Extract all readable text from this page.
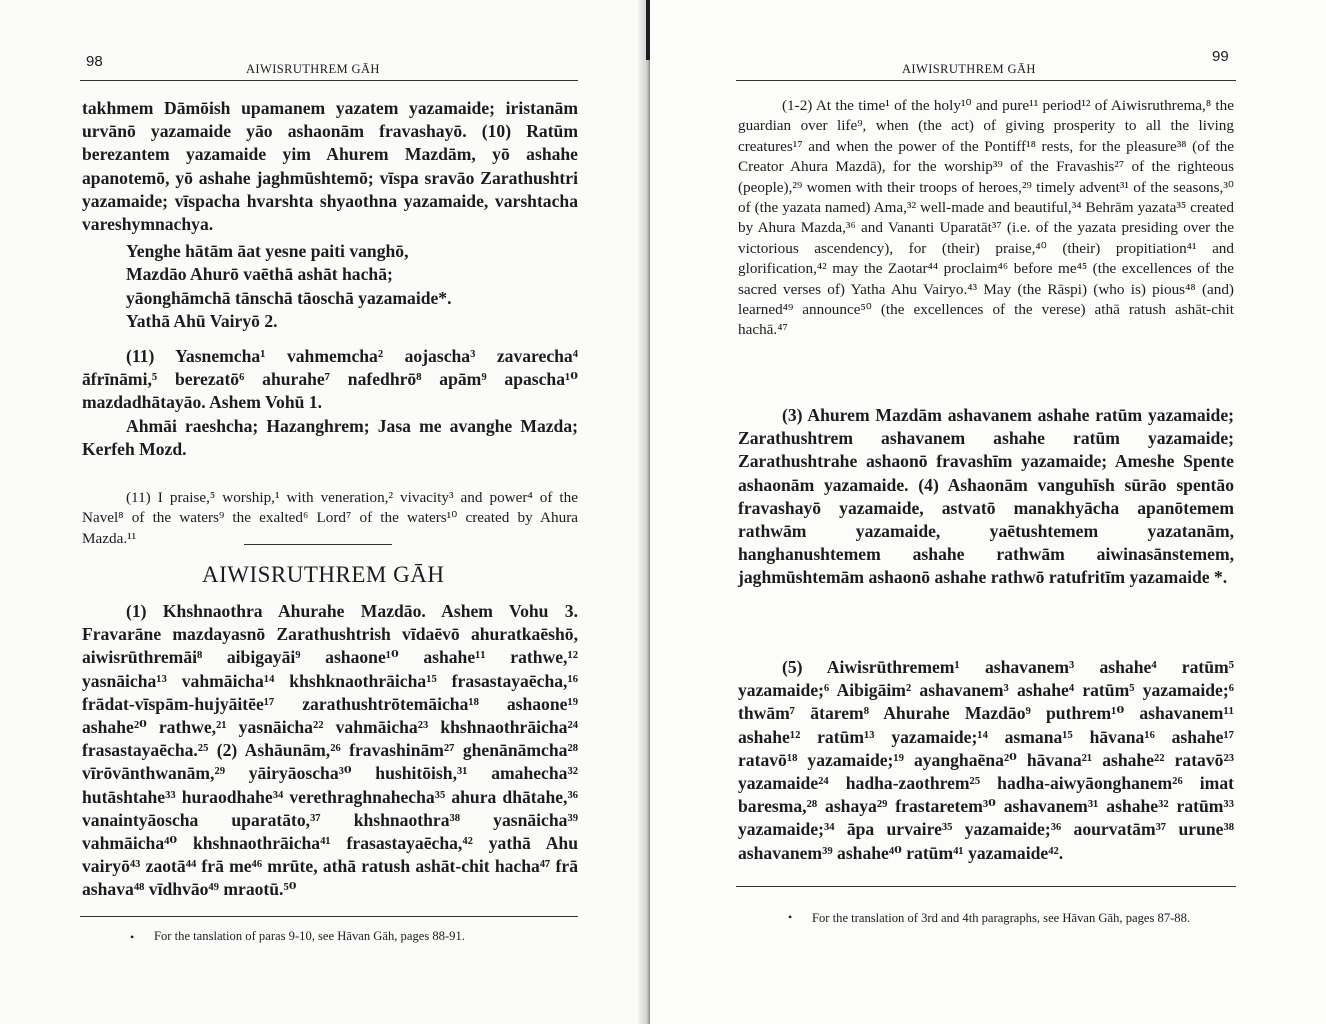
98	AIWISRUTHREM GĀH

takhmem Dāmōish upamanem yazatem yazamaide; iristanām urvānō yazamaide yāo ashaonām fravashayō. (10) Ratūm berezantem yazamaide yim Ahurem Mazdām, yō ashahe apanotemō, yō ashahe jaghmūshtemō; vīspa sravāo Zarathushtri yazamaide; vīspacha hvarshta shyaothna yazamaide, varshtacha vareshymnachya.

Yenghe hātām āat yesne paiti vanghō,
Mazdāo Ahurō vaēthā ashāt hachā;
yāonghāmchā tānschā tāoschā yazamaide*.
Yathā Ahū Vairyō 2.

(11) Yasnemcha¹ vahmemcha² aojascha³ zavarecha⁴ āfrīnāmi,⁵ berezatō⁶ ahurahe⁷ nafedhrō⁸ apām⁹ apascha¹⁰ mazdadhātayāo. Ashem Vohū 1.

Ahmāi raeshcha; Hazanghrem; Jasa me avanghe Mazda; Kerfeh Mozd.

(11) I praise,⁵ worship,¹ with veneration,² vivacity³ and power⁴ of the Navel⁸ of the waters⁹ the exalted⁶ Lord⁷ of the waters¹⁰ created by Ahura Mazda.¹¹

AIWISRUTHREM GĀH

(1) Khshnaothra Ahurahe Mazdāo. Ashem Vohu 3. Fravarāne mazdayasnō Zarathushtrish vīdaēvō ahuratkaēshō, aiwisrūthremāi⁸ aibigayāi⁹ ashaone¹⁰ ashahe¹¹ rathwe,¹² yasnāicha¹³ vahmāicha¹⁴ khshknaothrāicha¹⁵ frasastayaēcha,¹⁶ frādat-vīspām-hujyāitēe¹⁷ zarathushtrōtemāicha¹⁸ ashaone¹⁹ ashahe²⁰ rathwe,²¹ yasnāicha²² vahmāicha²³ khshnaothrāicha²⁴ frasastayaēcha.²⁵ (2) Ashāunām,²⁶ fravashinām²⁷ ghenānāmcha²⁸ vīrōvānthwanām,²⁹ yāiryāoscha³⁰ hushitōish,³¹ amahecha³² hutāshtahe³³ huraodhahe³⁴ verethraghnahecha³⁵ ahura dhātahe,³⁶ vanaintyāoscha uparatāto,³⁷ khshnaothra³⁸ yasnāicha³⁹ vahmāicha⁴⁰ khshnaothrāicha⁴¹ frasastayaēcha,⁴² yathā Ahu vairyō⁴³ zaotā⁴⁴ frā me⁴⁶ mrūte, athā ratush ashāt-chit hacha⁴⁷ frā ashava⁴⁸ vīdhvāo⁴⁹ mraotū.⁵⁰

• For the tanslation of paras 9-10, see Hāvan Gāh, pages 88-91.
99
AIWISRUTHREM GĀH

(1-2) At the time¹ of the holy¹⁰ and pure¹¹ period¹² of Aiwisruthrema,⁸ the guardian over life⁹, when (the act) of giving prosperity to all the living creatures¹⁷ and when the power of the Pontiff¹⁸ rests, for the pleasure³⁸ (of the Creator Ahura Mazdā), for the worship³⁹ of the Fravashis²⁷ of the righteous (people),²⁹ women with their troops of heroes,²⁹ timely advent³¹ of the seasons,³⁰ of (the yazata named) Ama,³² well-made and beautiful,³⁴ Behrām yazata³⁵ created by Ahura Mazda,³⁶ and Vananti Uparatāt³⁷ (i.e. of the yazata presiding over the victorious ascendency), for (their) praise,⁴⁰ (their) propitiation⁴¹ and glorification,⁴² may the Zaotar⁴⁴ proclaim⁴⁶ before me⁴⁵ (the excellences of the sacred verses of) Yatha Ahu Vairyo.⁴³ May (the Rāspi) (who is) pious⁴⁸ (and) learned⁴⁹ announce⁵⁰ (the excellences of the verese) athā ratush ashāt-chit hachā.⁴⁷

(3) Ahurem Mazdām ashavanem ashahe ratūm yazamaide; Zarathushtrem ashavanem ashahe ratūm yazamaide; Zarathushtrahe ashaonō fravashīm yazamaide; Ameshe Spente ashaonām yazamaide. (4) Ashaonām vanguhīsh sūrāo spentāo fravashayō yazamaide, astvatō manakhyācha apanōtemem rathwām yazamaide, yaētushtemem yazatanām, hanghanushtemem ashahe rathwām aiwinasānstemem, jaghmūshtemām ashaonō ashahe rathwō ratufritīm yazamaide *.

(5) Aiwisrūthremem¹ ashavanem³ ashahe⁴ ratūm⁵ yazamaide;⁶ Aibigāim² ashavanem³ ashahe⁴ ratūm⁵ yazamaide;⁶ thwām⁷ ātarem⁸ Ahurahe Mazdāo⁹ puthrem¹⁰ ashavanem¹¹ ashahe¹² ratūm¹³ yazamaide;¹⁴ asmana¹⁵ hāvana¹⁶ ashahe¹⁷ ratavō¹⁸ yazamaide;¹⁹ ayanghaēna²⁰ hāvana²¹ ashahe²² ratavō²³ yazamaide²⁴ hadha-zaothrem²⁵ hadha-aiwyāonghanem²⁶ imat baresma,²⁸ ashaya²⁹ frastaretem³⁰ ashavanem³¹ ashahe³² ratūm³³ yazamaide;³⁴ āpa urvaire³⁵ yazamaide;³⁶ aourvatām³⁷ urune³⁸ ashavanem³⁹ ashahe⁴⁰ ratūm⁴¹ yazamaide⁴².

•	For the translation of 3rd and 4th paragraphs, see Hāvan Gāh, pages 87-88.
